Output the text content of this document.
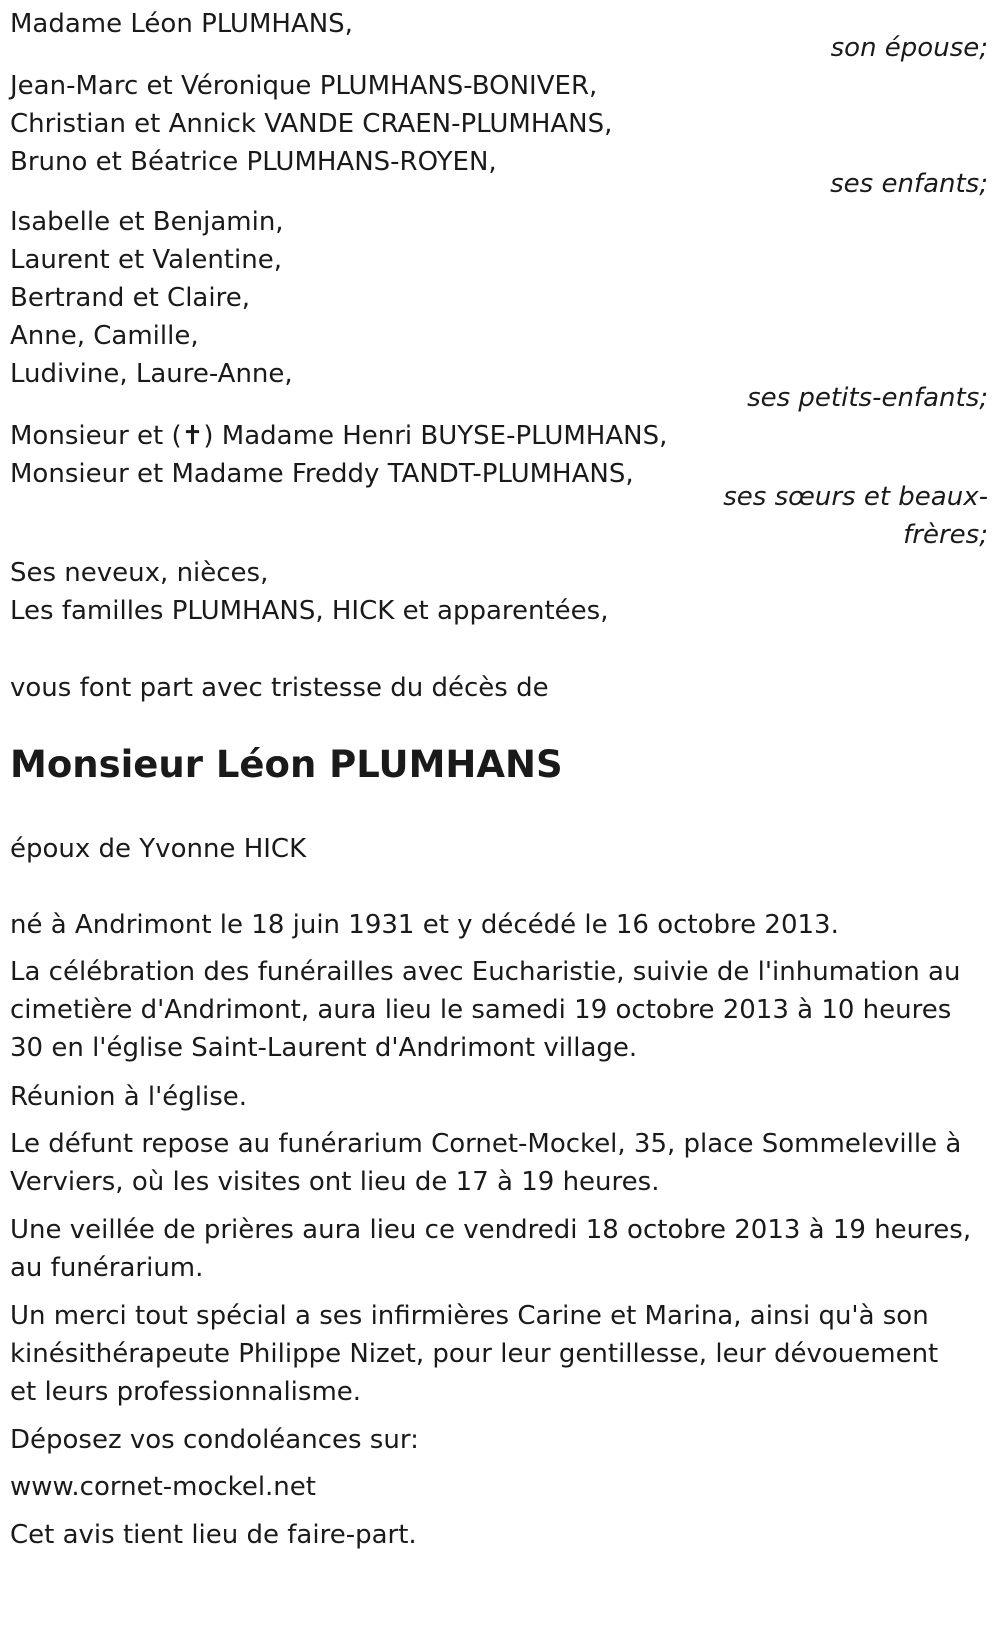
Madame Léon PLUMHANS,

son épouse;

Jean-Marc et Véronique PLUMHANS-BONIVER,

Christian et Annick VANDE CRAEN-PLUMHANS,

Bruno et Béatrice PLUMHANS-ROYEN,

ses enfants;

Isabelle et Benjamin,

Laurent et Valentine,

Bertrand et Claire,

Anne, Camille,

Ludivine, Laure-Anne,

ses petits-enfants;

Monsieur et (✝) Madame Henri BUYSE-PLUMHANS,

Monsieur et Madame Freddy TANDT-PLUMHANS,

ses sœurs et beaux-

frères;

Ses neveux, nièces,

Les familles PLUMHANS, HICK et apparentées,

vous font part avec tristesse du décès de

Monsieur Léon PLUMHANS

époux de Yvonne HICK

né à Andrimont le 18 juin 1931 et y décédé le 16 octobre 2013.

La célébration des funérailles avec Eucharistie, suivie de l'inhumation au

cimetière d'Andrimont, aura lieu le samedi 19 octobre 2013 à 10 heures

30 en l'église Saint-Laurent d'Andrimont village.

Réunion à l'église.

Le défunt repose au funérarium Cornet-Mockel, 35, place Sommeleville à

Verviers, où les visites ont lieu de 17 à 19 heures.

Une veillée de prières aura lieu ce vendredi 18 octobre 2013 à 19 heures,

au funérarium.

Un merci tout spécial a ses infirmières Carine et Marina, ainsi qu'à son

kinésithérapeute Philippe Nizet, pour leur gentillesse, leur dévouement

et leurs professionnalisme.

Déposez vos condoléances sur:

www.cornet-mockel.net

Cet avis tient lieu de faire-part.
